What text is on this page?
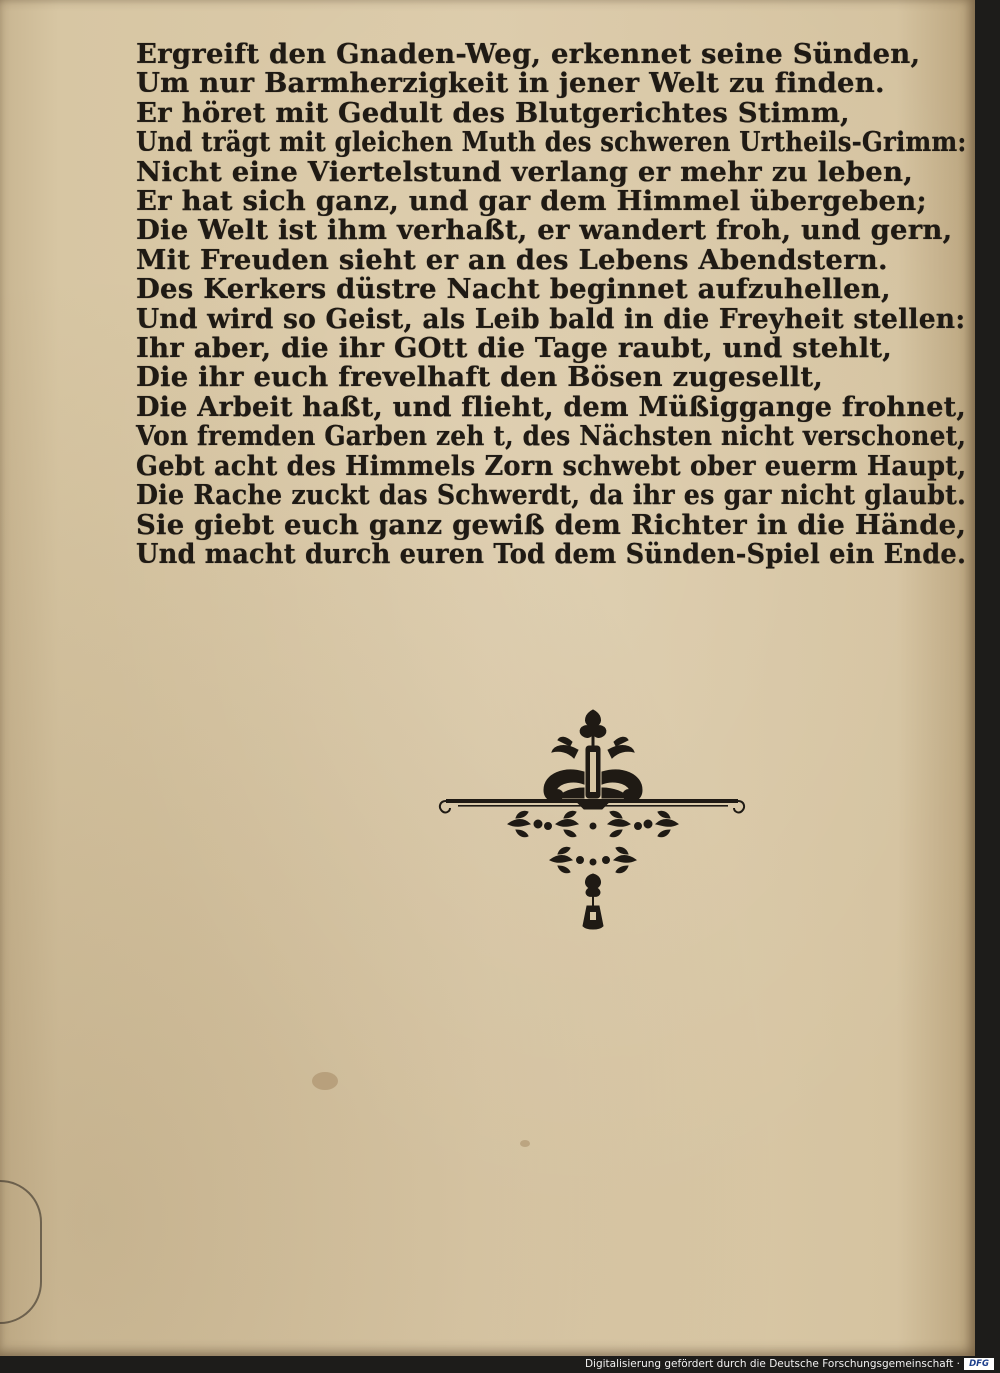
Ergreift den Gnaden-Weg, erkennet seine Sünden,
Um nur Barmherzigkeit in jener Welt zu finden.
Er höret mit Gedult des Blutgerichtes Stimm,
Und trägt mit gleichen Muth des schweren Urtheils-Grimm:
Nicht eine Viertelstund verlang er mehr zu leben,
Er hat sich ganz, und gar dem Himmel übergeben;
Die Welt ist ihm verhaßt, er wandert froh, und gern,
Mit Freuden sieht er an des Lebens Abendstern.
Des Kerkers düstre Nacht beginnet aufzuhellen,
Und wird so Geist, als Leib bald in die Freyheit stellen:
Ihr aber, die ihr GOtt die Tage raubt, und stehlt,
Die ihr euch frevelhaft den Bösen zugesellt,
Die Arbeit haßt, und flieht, dem Müßiggange frohnet,
Von fremden Garben zeh t, des Nächsten nicht verschonet,
Gebt acht des Himmels Zorn schwebt ober euerm Haupt,
Die Rache zuckt das Schwerdt, da ihr es gar nicht glaubt.
Sie giebt euch ganz gewiß dem Richter in die Hände,
Und macht durch euren Tod dem Sünden-Spiel ein Ende.
Digitalisierung gefördert durch die Deutsche Forschungsgemeinschaft ·	DFG
